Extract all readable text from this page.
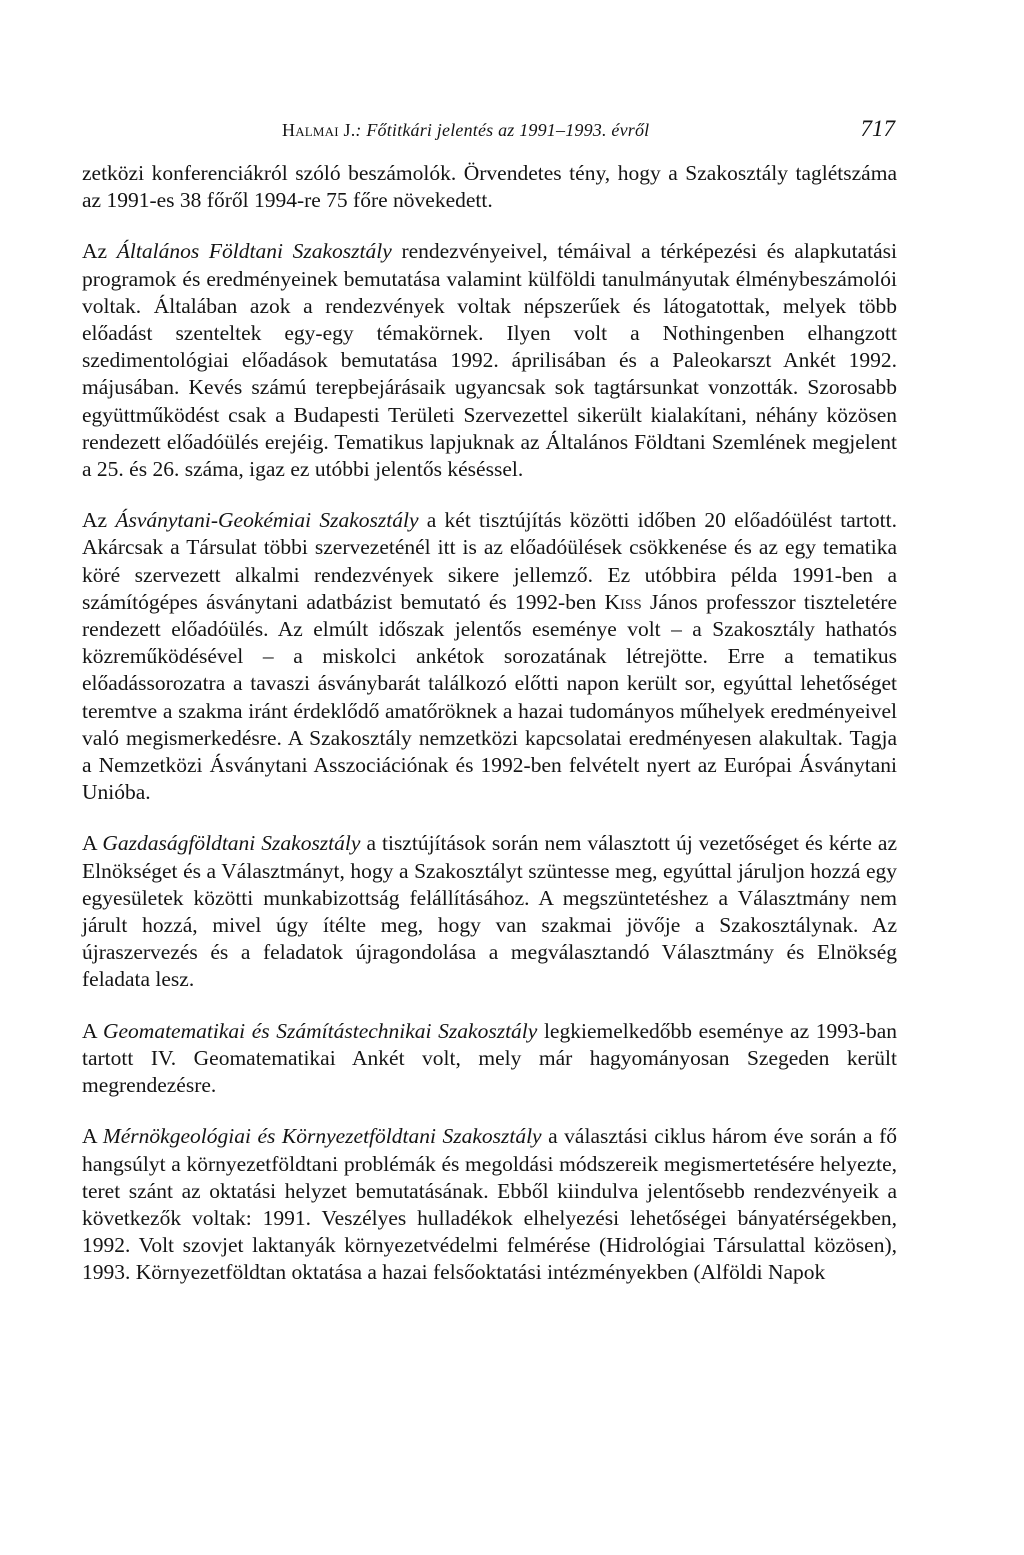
Halmai J.: Főtitkári jelentés az 1991–1993. évről	717

zetközi konferenciákról szóló beszámolók. Örvendetes tény, hogy a Szakosztály taglétszáma az 1991-es 38 főről 1994-re 75 főre növekedett.

Az Általános Földtani Szakosztály rendezvényeivel, témáival a térképezési és alapkutatási programok és eredményeinek bemutatása valamint külföldi tanulmányutak élménybeszámolói voltak. Általában azok a rendezvények voltak népszerűek és látogatottak, melyek több előadást szenteltek egy-egy témakörnek. Ilyen volt a Nothingenben elhangzott szedimentológiai előadások bemutatása 1992. áprilisában és a Paleokarszt Ankét 1992. májusában. Kevés számú terepbejárásaik ugyancsak sok tagtársunkat vonzották. Szorosabb együttműködést csak a Budapesti Területi Szervezettel sikerült kialakítani, néhány közösen rendezett előadóülés erejéig. Tematikus lapjuknak az Általános Földtani Szemlének megjelent a 25. és 26. száma, igaz ez utóbbi jelentős késéssel.

Az Ásványtani-Geokémiai Szakosztály a két tisztújítás közötti időben 20 előadóülést tartott. Akárcsak a Társulat többi szervezeténél itt is az előadóülések csökkenése és az egy tematika köré szervezett alkalmi rendezvények sikere jellemző. Ez utóbbira példa 1991-ben a számítógépes ásványtani adatbázist bemutató és 1992-ben Kiss János professzor tiszteletére rendezett előadóülés. Az elmúlt időszak jelentős eseménye volt – a Szakosztály hathatós közreműködésével – a miskolci ankétok sorozatának létrejötte. Erre a tematikus előadássorozatra a tavaszi ásványbarát találkozó előtti napon került sor, egyúttal lehetőséget teremtve a szakma iránt érdeklődő amatőröknek a hazai tudományos műhelyek eredményeivel való megismerkedésre. A Szakosztály nemzetközi kapcsolatai eredményesen alakultak. Tagja a Nemzetközi Ásványtani Asszociációnak és 1992-ben felvételt nyert az Európai Ásványtani Unióba.

A Gazdaságföldtani Szakosztály a tisztújítások során nem választott új vezetőséget és kérte az Elnökséget és a Választmányt, hogy a Szakosztályt szüntesse meg, egyúttal járuljon hozzá egy egyesületek közötti munkabizottság felállításához. A megszüntetéshez a Választmány nem járult hozzá, mivel úgy ítélte meg, hogy van szakmai jövője a Szakosztálynak. Az újraszervezés és a feladatok újragondolása a megválasztandó Választmány és Elnökség feladata lesz.

A Geomatematikai és Számítástechnikai Szakosztály legkiemelkedőbb eseménye az 1993-ban tartott IV. Geomatematikai Ankét volt, mely már hagyományosan Szegeden került megrendezésre.

A Mérnökgeológiai és Környezetföldtani Szakosztály a választási ciklus három éve során a fő hangsúlyt a környezetföldtani problémák és megoldási módszereik megismertetésére helyezte, teret szánt az oktatási helyzet bemutatásának. Ebből kiindulva jelentősebb rendezvényeik a következők voltak: 1991. Veszélyes hulladékok elhelyezési lehetőségei bányatérségekben, 1992. Volt szovjet laktanyák környezetvédelmi felmérése (Hidrológiai Társulattal közösen), 1993. Környezetföldtan oktatása a hazai felsőoktatási intézményekben (Alföldi Napok
